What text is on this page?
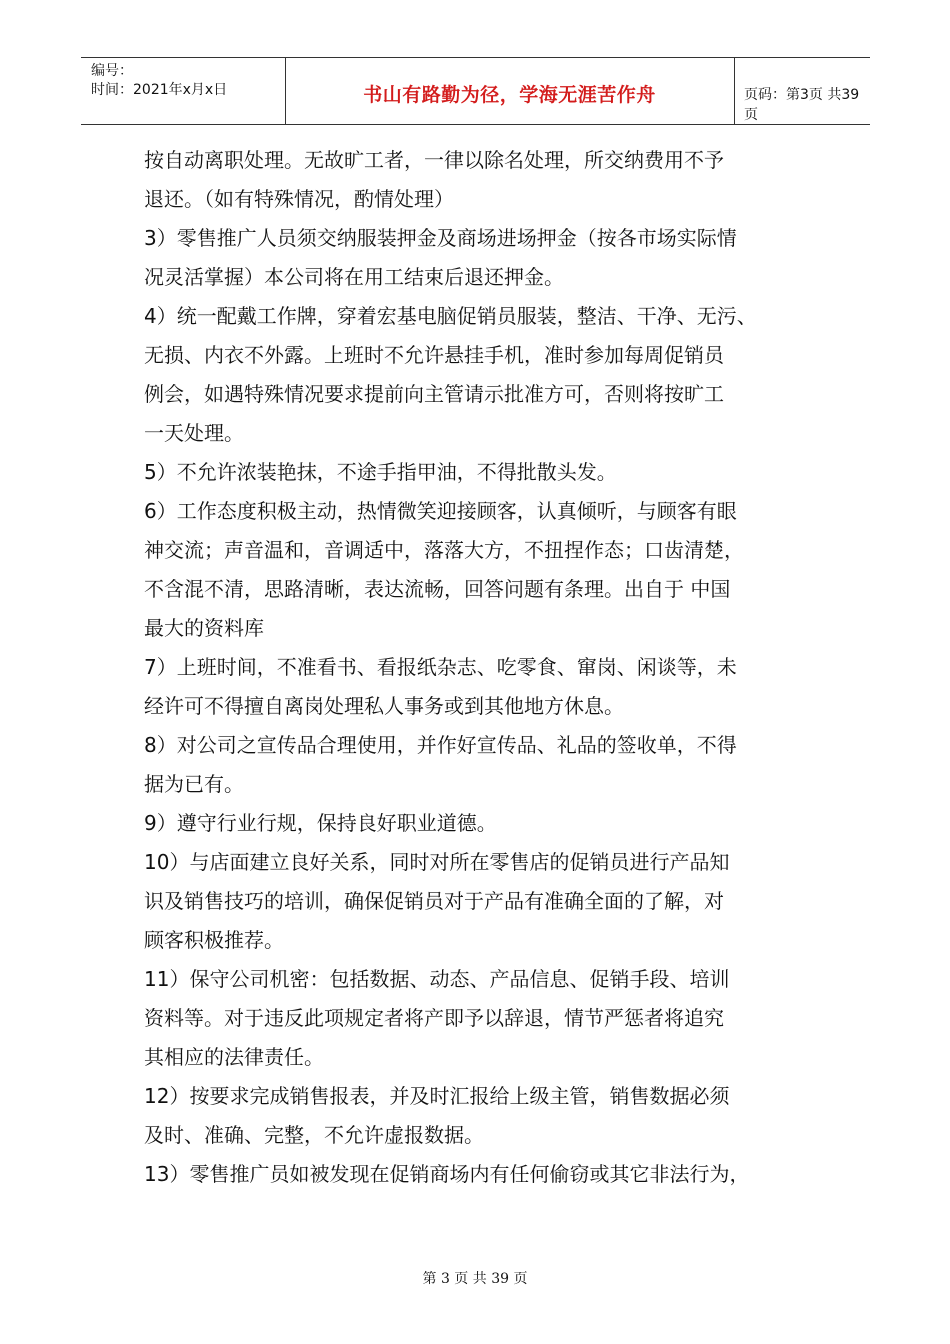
编号：
时间：2021年x月x日	书山有路勤为径，学海无涯苦作舟	页码：第3页 共39页
按自动离职处理。无故旷工者，一律以除名处理，所交纳费用不予
退还。（如有特殊情况，酌情处理）
3）零售推广人员须交纳服装押金及商场进场押金（按各市场实际情
况灵活掌握）本公司将在用工结束后退还押金。
4）统一配戴工作牌，穿着宏基电脑促销员服装，整洁、干净、无污、
无损、内衣不外露。上班时不允许悬挂手机，准时参加每周促销员
例会，如遇特殊情况要求提前向主管请示批准方可，否则将按旷工
一天处理。
5）不允许浓装艳抹，不途手指甲油，不得批散头发。
6）工作态度积极主动，热情微笑迎接顾客，认真倾听，与顾客有眼
神交流；声音温和，音调适中，落落大方，不扭捏作态；口齿清楚，
不含混不清，思路清晰，表达流畅，回答问题有条理。出自于 中国
最大的资料库
7）上班时间，不准看书、看报纸杂志、吃零食、窜岗、闲谈等，未
经许可不得擅自离岗处理私人事务或到其他地方休息。
8）对公司之宣传品合理使用，并作好宣传品、礼品的签收单，不得
据为已有。
9）遵守行业行规，保持良好职业道德。
10）与店面建立良好关系，同时对所在零售店的促销员进行产品知
识及销售技巧的培训，确保促销员对于产品有准确全面的了解，对
顾客积极推荐。
11）保守公司机密：包括数据、动态、产品信息、促销手段、培训
资料等。对于违反此项规定者将产即予以辞退，情节严惩者将追究
其相应的法律责任。
12）按要求完成销售报表，并及时汇报给上级主管，销售数据必须
及时、准确、完整，不允许虚报数据。
13）零售推广员如被发现在促销商场内有任何偷窃或其它非法行为，
第 3 页 共 39 页
